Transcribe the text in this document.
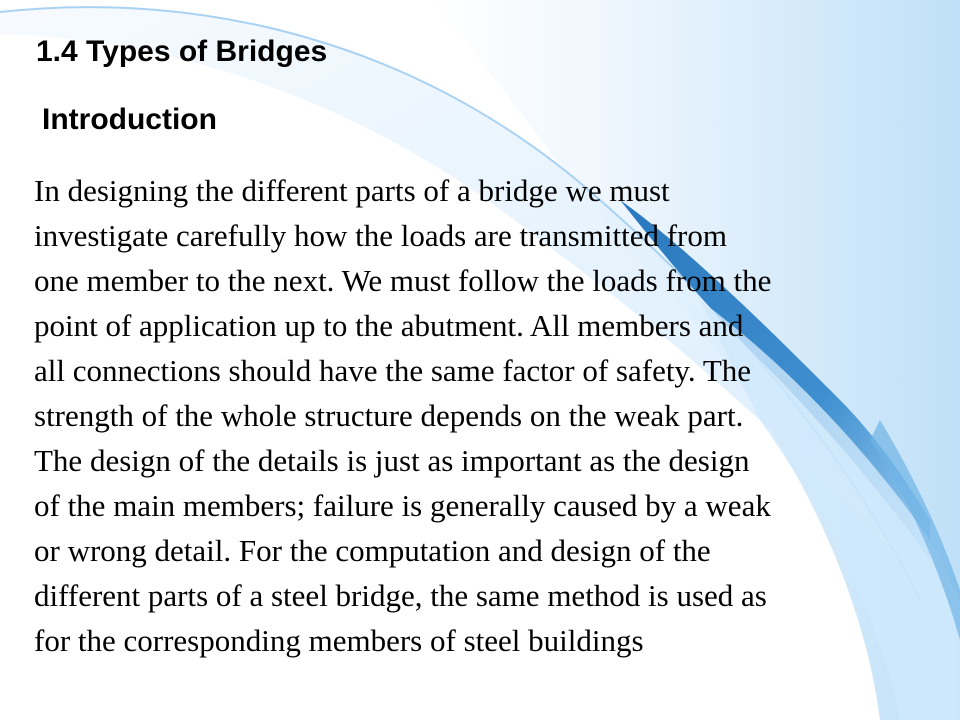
1.4 Types of Bridges
Introduction
In designing the different parts of a bridge we must
investigate carefully how the loads are transmitted from
one member to the next. We must follow the loads from the
point of application up to the abutment. All members and
all connections should have the same factor of safety. The
strength of the whole structure depends on the weak part.
The design of the details is just as important as the design
of the main members; failure is generally caused by a weak
or wrong detail. For the computation and design of the
different parts of a steel bridge, the same method is used as
for the corresponding members of steel buildings
